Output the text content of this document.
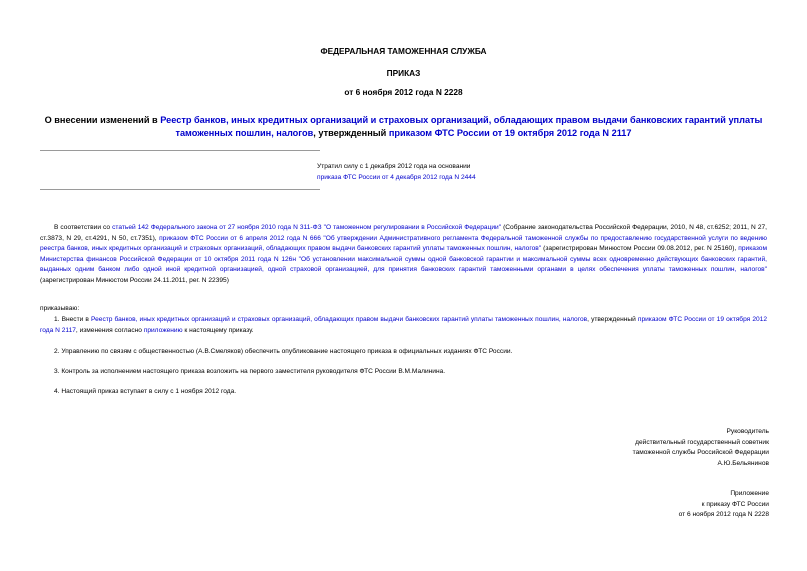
ФЕДЕРАЛЬНАЯ ТАМОЖЕННАЯ СЛУЖБА
ПРИКАЗ
от 6 ноября 2012 года N 2228
О внесении изменений в Реестр банков, иных кредитных организаций и страховых организаций, обладающих правом выдачи банковских гарантий уплаты таможенных пошлин, налогов, утвержденный приказом ФТС России от 19 октября 2012 года N 2117
Утратил силу с 1 декабря 2012 года на основании
приказа ФТС России от 4 декабря 2012 года N 2444
В соответствии со статьей 142 Федерального закона от 27 ноября 2010 года N 311-ФЗ "О таможенном регулировании в Российской Федерации" (Собрание законодательства Российской Федерации, 2010, N 48, ст.6252; 2011, N 27, ст.3873, N 29, ст.4291, N 50, ст.7351), приказом ФТС России от 6 апреля 2012 года N 666 "Об утверждении Административного регламента Федеральной таможенной службы по предоставлению государственной услуги по ведению реестра банков, иных кредитных организаций и страховых организаций, обладающих правом выдачи банковских гарантий уплаты таможенных пошлин, налогов" (зарегистрирован Минюстом России 09.08.2012, рег. N 25160), приказом Министерства финансов Российской Федерации от 10 октября 2011 года N 126н "Об установлении максимальной суммы одной банковской гарантии и максимальной суммы всех одновременно действующих банковских гарантий, выданных одним банком либо одной иной кредитной организацией, одной страховой организацией, для принятия банковских гарантий таможенными органами в целях обеспечения уплаты таможенных пошлин, налогов" (зарегистрирован Минюстом России 24.11.2011, рег. N 22395)
приказываю:
1. Внести в Реестр банков, иных кредитных организаций и страховых организаций, обладающих правом выдачи банковских гарантий уплаты таможенных пошлин, налогов, утвержденный приказом ФТС России от 19 октября 2012 года N 2117, изменения согласно приложению к настоящему приказу.
2. Управлению по связям с общественностью (А.В.Смеляков) обеспечить опубликование настоящего приказа в официальных изданиях ФТС России.
3. Контроль за исполнением настоящего приказа возложить на первого заместителя руководителя ФТС России В.М.Малинина.
4. Настоящий приказ вступает в силу с 1 ноября 2012 года.
Руководитель
действительный государственный советник
таможенной службы Российской Федерации
А.Ю.Бельянинов
Приложение
к приказу ФТС России
от 6 ноября 2012 года N 2228
